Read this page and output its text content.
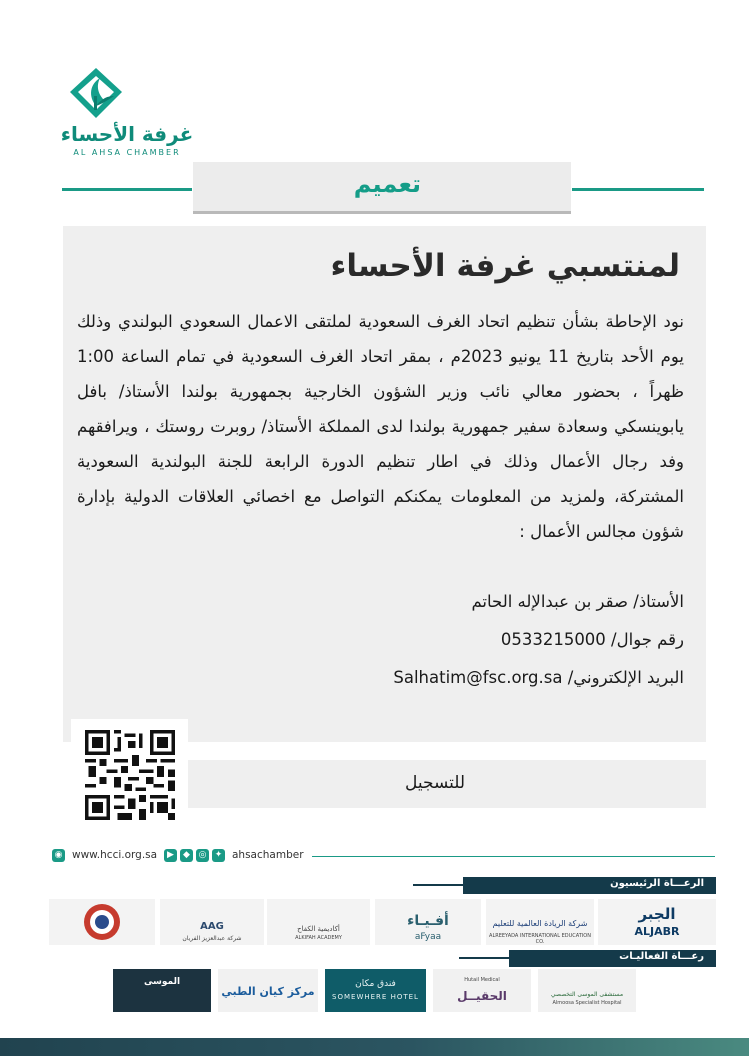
غرفة الأحساء
AL AHSA CHAMBER
تعميم
لمنتسبي غرفة الأحساء
نود الإحاطة بشأن تنظيم اتحاد الغرف السعودية لملتقى الاعمال السعودي البولندي وذلك يوم الأحد بتاريخ 11 يونيو 2023م ، بمقر اتحاد الغرف السعودية في تمام الساعة 1:00 ظهراً ، بحضور معالي نائب وزير الشؤون الخارجية بجمهورية بولندا الأستاذ/ بافل يابوينسكي وسعادة سفير جمهورية بولندا لدى المملكة الأستاذ/ روبرت روستك ، ويرافقهم وفد رجال الأعمال وذلك في اطار تنظيم الدورة الرابعة للجنة البولندية السعودية المشتركة، ولمزيد من المعلومات يمكنكم التواصل مع اخصائي العلاقات الدولية بإدارة شؤون مجالس الأعمال :
الأستاذ/ صقر بن عبدالإله الحاتم
رقم جوال/ 0533215000
البريد الإلكتروني/ Salhatim@fsc.org.sa
للتسجيل
◉ www.hcci.org.sa	▶	◆ ◎ ✦ ahsachamber
الرعـــاة الرئيسيون
الجبر
ALJABR
شركة الريادة العالمية للتعليم
ALREEYADA INTERNATIONAL EDUCATION CO.
أفـيـاء
aFyaa
أكاديمية الكفاح
ALKIFAH ACADEMY
AAG
شركة عبدالعزيز الفريان
رعـــاة الفعاليـات
مستشفى الموسى التخصصي
Almoosa Specialist Hospital
Hutail Medical
الحقيــل
فندق مكان
SOMEWHERE HOTEL
مركز كيان الطبي
الموسى
